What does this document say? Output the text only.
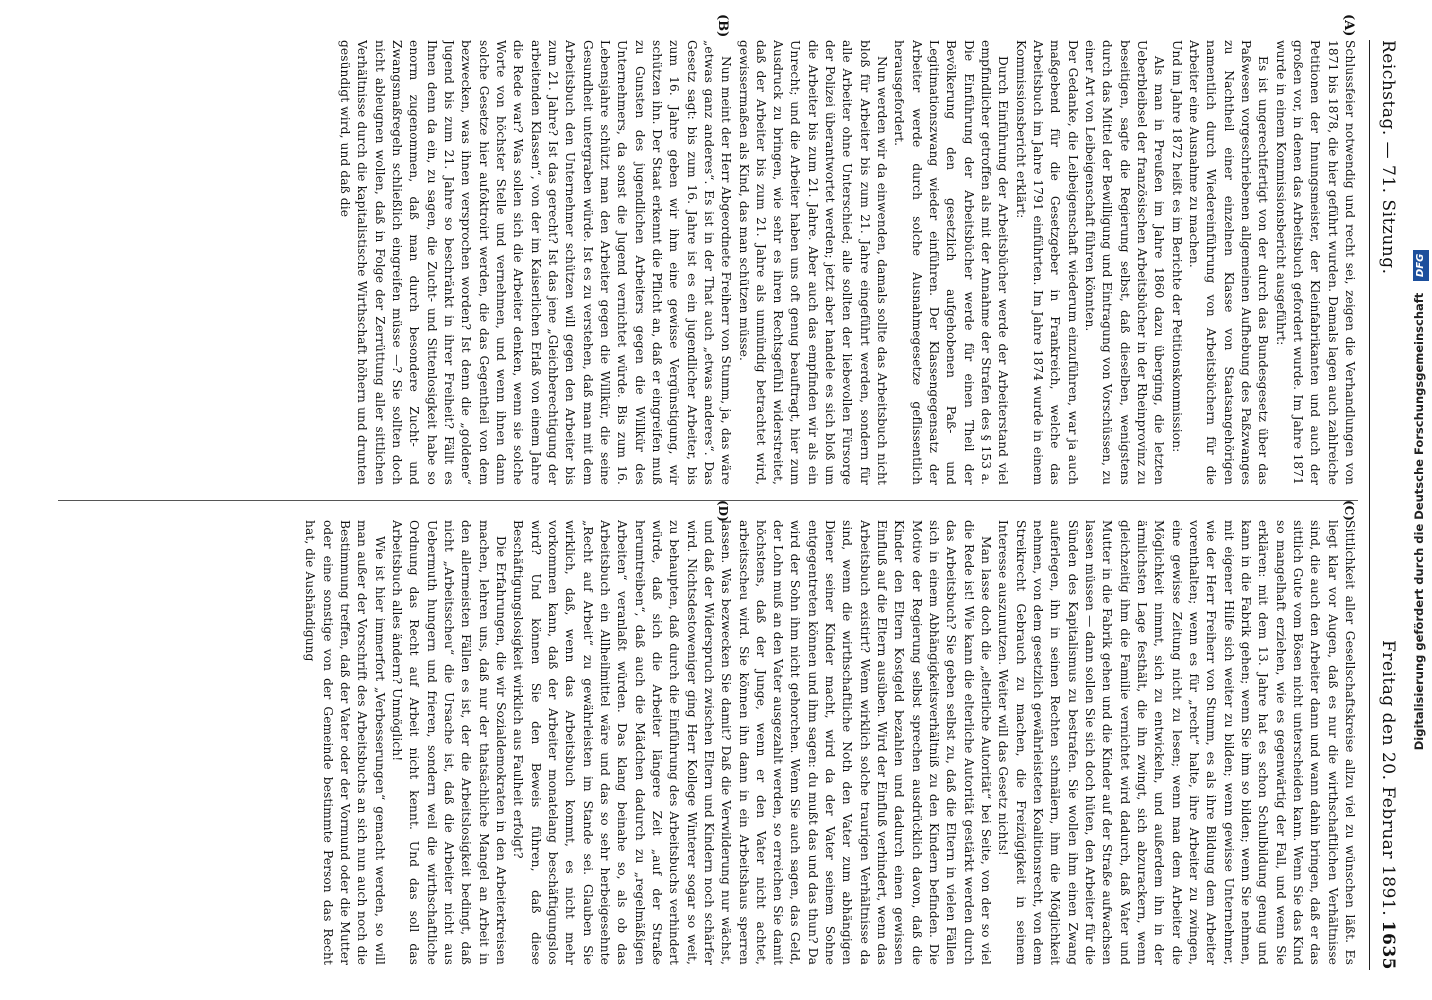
Reichstag. — 71. Sitzung.
Freitag den 20. Februar 1891.
1635
(A)
(B)
(C)
(D)

Schlussfeier notwendig und recht sei, zeigen die Verhandlungen von 1871 bis 1878, die hier geführt wurden. Damals lagen auch zahlreiche Petitionen der Innungsmeister, der Kleinfabrikanten und auch der großen vor, in denen das Arbeitsbuch gefordert wurde. Im Jahre 1871 wurde in einem Kommissionsbericht ausgeführt:

Es ist ungerechtfertigt von der durch das Bundesgesetz über das Paßwesen vorgeschriebenen allgemeinen Aufhebung des Paßzwanges zu Nachtheil einer einzelnen Klasse von Staatsangehörigen namentlich durch Wiedereinführung von Arbeitsbüchern für die Arbeiter eine Ausnahme zu machen.

Und im Jahre 1872 heißt es im Berichte der Petitionskommission:

Als man in Preußen im Jahre 1860 dazu überging, die letzten Ueberbleibsel der französischen Arbeitsbücher in der Rheinprovinz zu beseitigen, sagte die Regierung selbst, daß dieselben, wenigstens durch das Mittel der Bewilligung und Eintragung von Vorschüssen, zu einer Art von Leibeigenschaft führen könnten.

Der Gedanke, die Leibeigenschaft wiederum einzuführen, war ja auch maßgebend für die Gesetzgeber in Frankreich, welche das Arbeitsbuch im Jahre 1791 einführten. Im Jahre 1874 wurde in einem Kommissionsbericht erklärt:

Durch Einführung der Arbeitsbücher werde der Arbeiterstand viel empfindlicher getroffen als mit der Annahme der Strafen des § 153 a. Die Einführung der Arbeitsbücher werde für einen Theil der Bevölkerung den gesetzlich aufgehobenen Paß- und Legitimationszwang wieder einführen. Der Klassengegensatz der Arbeiter werde durch solche Ausnahmegesetze geflissentlich herausgefordert.

Nun werden wir da einwenden, damals sollte das Arbeitsbuch nicht bloß für Arbeiter bis zum 21. Jahre eingeführt werden, sondern für alle Arbeiter ohne Unterschied; alle sollten der liebevollen Fürsorge der Polizei überantwortet werden; jetzt aber handele es sich bloß um die Arbeiter bis zum 21. Jahre. Aber auch das empfinden wir als ein Unrecht; und die Arbeiter haben uns oft genug beauftragt, hier zum Ausdruck zu bringen, wie sehr es ihren Rechtsgefühl widerstreitet, daß der Arbeiter bis zum 21. Jahre als unmündig betrachtet wird, gewissermaßen als Kind, das man schützen müsse.

Nun meint der Herr Abgeordnete Freiherr von Stumm, ja, das wäre „etwas ganz anderes“. Es ist in der That auch „etwas anderes“. Das Gesetz sagt: bis zum 16. Jahre ist es ein jugendlicher Arbeiter, bis zum 16. Jahre geben wir ihm eine gewisse Vergünstigung, wir schützen ihn. Der Staat erkennt die Pflicht an, daß er eingreifen muß zu Gunsten des jugendlichen Arbeiters gegen die Willkür des Unternehmers, da sonst die Jugend vernichtet würde. Bis zum 16. Lebensjahre schützt man den Arbeiter gegen die Willkür, die seine Gesundheit untergraben würde. Ist es zu verstehen, daß man mit dem Arbeitsbuch den Unternehmer schützen will gegen den Arbeiter bis zum 21. Jahre? Ist das gerecht? Ist das jene „Gleichberechtigung der arbeitenden Klassen“, von der im Kaiserlichen Erlaß von einem Jahre die Rede war? Was sollen sich die Arbeiter denken, wenn sie solche Worte von höchster Stelle und vernehmen, und wenn ihnen dann solche Gesetze hier aufoktroirt werden, die das Gegentheil von dem bezwecken, was ihnen versprochen worden? Ist denn die „goldene“ Jugend bis zum 21. Jahre so beschränkt in ihrer Freiheit? Fällt es Ihnen denn da ein, zu sagen, die Zucht- und Sittenlosigkeit habe so enorm zugenommen, daß man durch besondere Zucht- und Zwangsmaßregeln schließlich eingreifen müsse —? Sie sollten doch nicht ableugnen wollen, daß in Folge der Zerrüttung aller sittlichen Verhältnisse durch die kapitalistische Wirthschaft höhern und drunten gesündigt wird, und daß die

Sittlichkeit aller Gesellschaftskreise allzu viel zu wünschen läßt. Es liegt klar vor Augen, daß es nur die wirthschaftlichen Verhältnisse sind, die auch den Arbeiter dann und wann dahin bringen, daß er das sittlich Gute vom Bösen nicht unterscheiden kann. Wenn Sie das Kind so mangelhaft erziehen, wie es gegenwärtig der Fall, und wenn Sie erklären: mit dem 13. Jahre hat es schon Schulbildung genug und kann in die Fabrik gehen; wenn Sie ihm so bilden; wenn Sie nehmen, mit eigener Hilfe sich weiter zu bilden; wenn gewisse Unternehmer, wie der Herr Freiherr von Stumm, es als ihre Bildung dem Arbeiter vorenthalten; wenn es für „recht“ halte, ihre Arbeiter zu zwingen, eine gewisse Zeitung nicht zu lesen; wenn man dem Arbeiter die Möglichkeit nimmt, sich zu entwickeln, und außerdem ihn in der ärmlichsten Lage festhält, die ihn zwingt, sich abzurackern, wenn gleichzeitig ihm die Familie vernichtet wird dadurch, daß Vater und Mutter in die Fabrik gehen und die Kinder auf der Straße aufwachsen lassen müssen — dann sollen Sie sich doch hüten, den Arbeiter für die Sünden des Kapitalismus zu bestrafen. Sie wollen ihm einen Zwang auferlegen, ihn in seinen Rechten schmälern, ihm die Möglichkeit nehmen, von dem gesetzlich gewährleisteten Koalitionsrecht, von dem Streikrecht Gebrauch zu machen, die Freizügigkeit in seinem Interesse auszunutzen. Weiter will das Gesetz nichts!

Man lasse doch die „elterliche Autorität“ bei Seite, von der so viel die Rede ist! Wie kann die elterliche Autorität gestärkt werden durch das Arbeitsbuch? Sie geben selbst zu, daß die Eltern in vielen Fällen sich in einem Abhängigkeitsverhältniß zu den Kindern befinden. Die Motive der Regierung selbst sprechen ausdrücklich davon, daß die Kinder den Eltern Kostgeld bezahlen und dadurch einen gewissen Einfluß auf die Eltern ausüben. Wird der Einfluß verhindert, wenn das Arbeitsbuch existirt? Wenn wirklich solche traurigen Verhältnisse da sind, wenn die wirthschaftliche Noth den Vater zum abhängigen Diener seiner Kinder macht, wird da der Vater seinem Sohne entgegentreten können und ihm sagen: du mußt das und das thun? Da wird der Sohn ihm nicht gehorchen. Wenn Sie auch sagen, das Geld, der Lohn muß an den Vater ausgezahlt werden, so erreichen Sie damit höchstens, daß der Junge, wenn er den Vater nicht achtet, arbeitsscheu wird. Sie können ihn dann in ein Arbeitshaus sperren lassen. Was bezwecken Sie damit? Daß die Verwilderung nur wächst, und daß der Widerspruch zwischen Eltern und Kindern noch schärfer wird. Nichtsdestoweniger ging Herr Kollege Winterer sogar so weit, zu behaupten, daß durch die Einführung des Arbeitsbuchs verhindert würde, daß sich die Arbeiter längere Zeit „auf der Straße herumtreiben“, daß auch die Mädchen dadurch zu „regelmäßigen Arbeiten“ veranlaßt würden. Das klang beinahe so, als ob das Arbeitsbuch ein Allheilmittel wäre und das so sehr herbeigesehnte „Recht auf Arbeit“ zu gewährleisten im Stande sei. Glauben Sie wirklich, daß, wenn das Arbeitsbuch kommt, es nicht mehr vorkommen kann, daß der Arbeiter monatelang beschäftigungslos wird? Und können Sie den Beweis führen, daß diese Beschäftigungslosigkeit wirklich aus Faulheit erfolgt?

Die Erfahrungen, die wir Sozialdemokraten in den Arbeiterkreisen machen, lehren uns, daß nur der thatsächliche Mangel an Arbeit in den allermeisten Fällen es ist, der die Arbeitslosigkeit bedingt, daß nicht „Arbeitsscheu“ die Ursache ist, daß die Arbeiter nicht aus Uebermuth hungern und frieren, sondern weil die wirthschaftliche Ordnung das Recht auf Arbeit nicht kennt. Und das soll das Arbeitsbuch alles ändern? Unmöglich!

Wie ist hier immerfort „Verbesserungen“ gemacht werden, so will man außer der Vorschrift des Arbeitsbuchs an sich nun auch noch die Bestimmung treffen, daß der Vater oder der Vormund oder die Mutter oder eine sonstige von der Gemeinde bestimmte Person das Recht hat, die Aushändigung	Digitalisierung gefördert durch die Deutsche Forschungsgemeinschaft DFG
